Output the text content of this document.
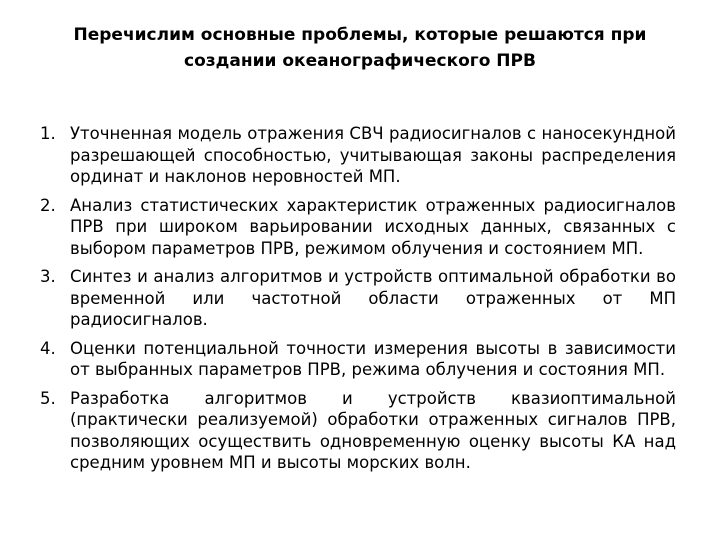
Перечислим основные проблемы, которые решаются при
создании океанографического ПРВ
1. Уточненная модель отражения СВЧ радиосигналов с наносекундной разрешающей способностью, учитывающая законы распределения ординат и наклонов неровностей МП.
2. Анализ статистических характеристик отраженных радиосигналов ПРВ при широком варьировании исходных данных, связанных с выбором параметров ПРВ, режимом облучения и состоянием МП.
3. Синтез и анализ алгоритмов и устройств оптимальной обработки во временной или частотной области отраженных от МП радиосигналов.
4. Оценки потенциальной точности измерения высоты в зависимости от выбранных параметров ПРВ, режима облучения и состояния МП.
5. Разработка алгоритмов и устройств квазиоптимальной (практически реализуемой) обработки отраженных сигналов ПРВ, позволяющих осуществить одновременную оценку высоты КА над средним уровнем МП и высоты морских волн.
